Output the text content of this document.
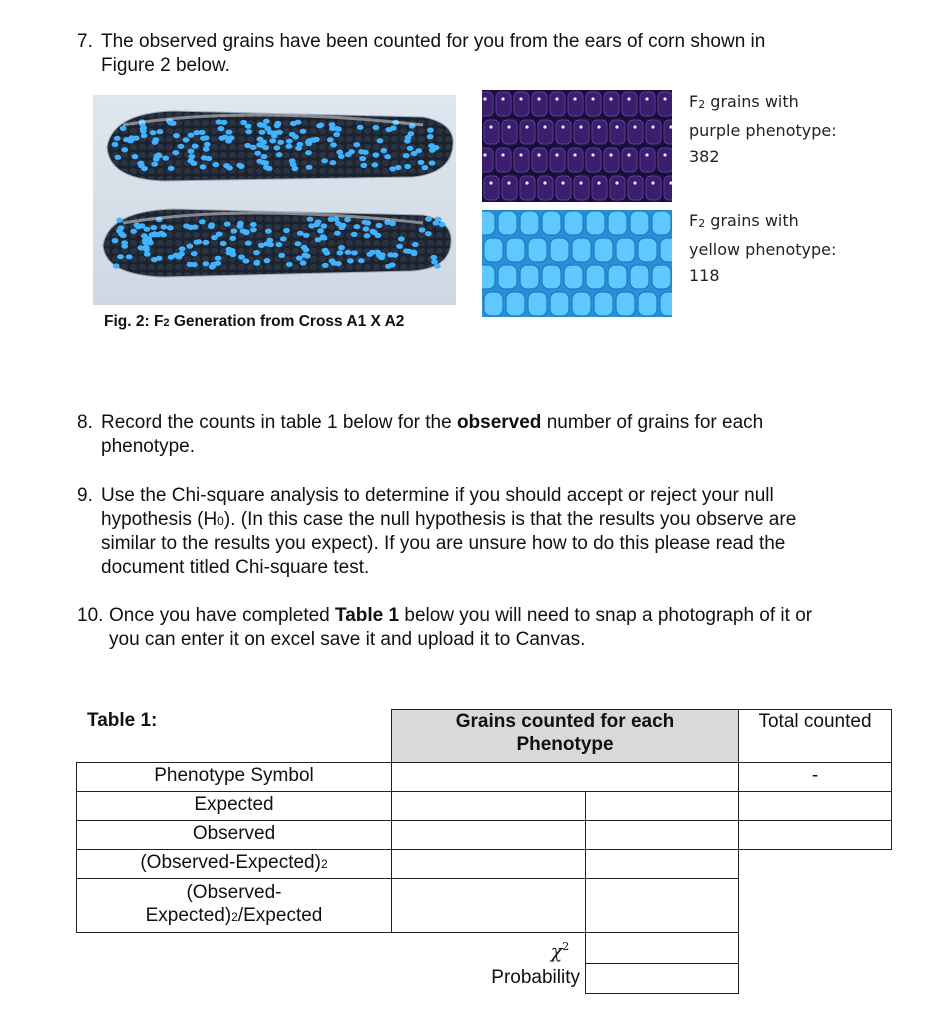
7. The observed grains have been counted for you from the ears of corn shown in
Figure 2 below.
$F_2$ grains with
purple phenotype:
382
$F_2$ grains with
yellow phenotype:
118
Fig. 2: F2 Generation from Cross A1 X A2
8. Record the counts in table 1 below for the observed number of grains for each
phenotype.
9. Use the Chi-square analysis to determine if you should accept or reject your null
hypothesis (H0). (In this case the null hypothesis is that the results you observe are
similar to the results you expect). If you are unsure how to do this please read the
document titled Chi-square test.
10. Once you have completed Table 1 below you will need to snap a photograph of it or
you can enter it on excel save it and upload it to Canvas.
Table 1:	Grains counted for each
Phenotype
Total counted
Phenotype Symbol
Expected
Observed
(Observed-Expected)2
(Observed-
Expected)2/Expected
$\chi^2$
Probability
-
